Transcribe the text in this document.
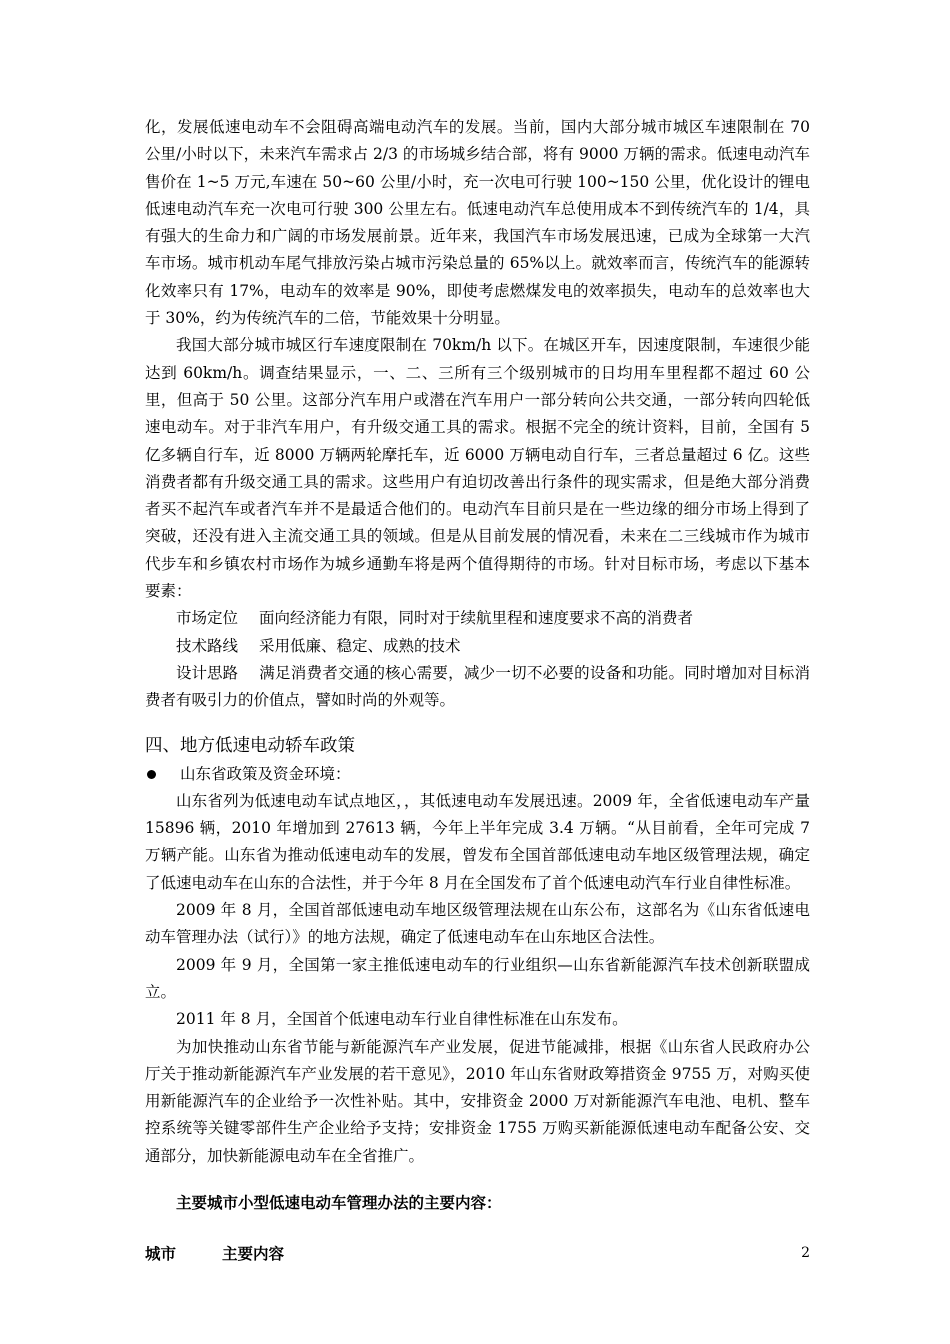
化，发展低速电动车不会阻碍高端电动汽车的发展。当前，国内大部分城市城区车速限制在 70 公里/小时以下，未来汽车需求占 2/3 的市场城乡结合部，将有 9000 万辆的需求。低速电动汽车售价在 1~5 万元,车速在 50~60 公里/小时，充一次电可行驶 100~150 公里，优化设计的锂电低速电动汽车充一次电可行驶 300 公里左右。低速电动汽车总使用成本不到传统汽车的 1/4，具有强大的生命力和广阔的市场发展前景。近年来，我国汽车市场发展迅速，已成为全球第一大汽车市场。城市机动车尾气排放污染占城市污染总量的 65%以上。就效率而言，传统汽车的能源转化效率只有 17%，电动车的效率是 90%，即使考虑燃煤发电的效率损失，电动车的总效率也大于 30%，约为传统汽车的二倍，节能效果十分明显。

我国大部分城市城区行车速度限制在 70km/h 以下。在城区开车，因速度限制，车速很少能达到 60km/h。调查结果显示，一、二、三所有三个级别城市的日均用车里程都不超过 60 公里，但高于 50 公里。这部分汽车用户或潜在汽车用户一部分转向公共交通，一部分转向四轮低速电动车。对于非汽车用户，有升级交通工具的需求。根据不完全的统计资料，目前，全国有 5 亿多辆自行车，近 8000 万辆两轮摩托车，近 6000 万辆电动自行车，三者总量超过 6 亿。这些消费者都有升级交通工具的需求。这些用户有迫切改善出行条件的现实需求，但是绝大部分消费者买不起汽车或者汽车并不是最适合他们的。电动汽车目前只是在一些边缘的细分市场上得到了突破，还没有进入主流交通工具的领域。但是从目前发展的情况看，未来在二三线城市作为城市代步车和乡镇农村市场作为城乡通勤车将是两个值得期待的市场。针对目标市场，考虑以下基本要素：

市场定位 面向经济能力有限，同时对于续航里程和速度要求不高的消费者

技术路线 采用低廉、稳定、成熟的技术

设计思路 满足消费者交通的核心需要，减少一切不必要的设备和功能。同时增加对目标消费者有吸引力的价值点，譬如时尚的外观等。

四、地方低速电动轿车政策

山东省政策及资金环境：

山东省列为低速电动车试点地区，，其低速电动车发展迅速。2009 年，全省低速电动车产量 15896 辆，2010 年增加到 27613 辆，今年上半年完成 3.4 万辆。“从目前看，全年可完成 7 万辆产能。山东省为推动低速电动车的发展，曾发布全国首部低速电动车地区级管理法规，确定了低速电动车在山东的合法性，并于今年 8 月在全国发布了首个低速电动汽车行业自律性标准。

2009 年 8 月，全国首部低速电动车地区级管理法规在山东公布，这部名为《山东省低速电动车管理办法（试行）》的地方法规，确定了低速电动车在山东地区合法性。

2009 年 9 月，全国第一家主推低速电动车的行业组织—山东省新能源汽车技术创新联盟成立。

2011 年 8 月，全国首个低速电动车行业自律性标准在山东发布。

为加快推动山东省节能与新能源汽车产业发展，促进节能减排，根据《山东省人民政府办公厅关于推动新能源汽车产业发展的若干意见》，2010 年山东省财政筹措资金 9755 万，对购买使用新能源汽车的企业给予一次性补贴。其中，安排资金 2000 万对新能源汽车电池、电机、整车控系统等关键零部件生产企业给予支持；安排资金 1755 万购买新能源低速电动车配备公安、交通部分，加快新能源电动车在全省推广。

主要城市小型低速电动车管理办法的主要内容：

城市	主要内容	2
